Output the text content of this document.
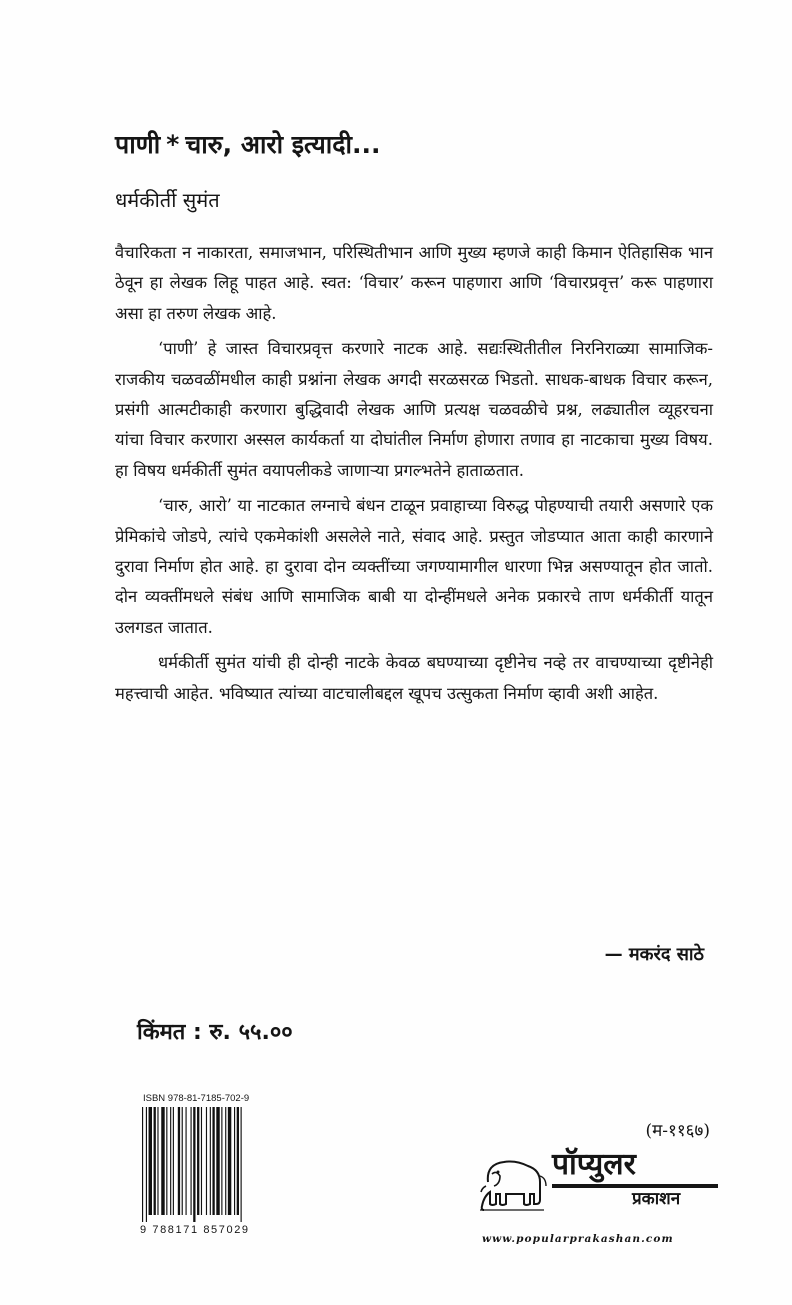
पाणी * चारु, आरो इत्यादी...
धर्मकीर्ती सुमंत

वैचारिकता न नाकारता, समाजभान, परिस्थितीभान आणि मुख्य म्हणजे काही किमान ऐतिहासिक भान ठेवून हा लेखक लिहू पाहत आहे. स्वत: ‘विचार’ करून पाहणारा आणि ‘विचारप्रवृत्त’ करू पाहणारा असा हा तरुण लेखक आहे.

‘पाणी’ हे जास्त विचारप्रवृत्त करणारे नाटक आहे. सद्यःस्थितीतील निरनिराळ्या सामाजिक-राजकीय चळवळींमधील काही प्रश्नांना लेखक अगदी सरळसरळ भिडतो. साधक-बाधक विचार करून, प्रसंगी आत्मटीकाही करणारा बुद्धिवादी लेखक आणि प्रत्यक्ष चळवळीचे प्रश्न, लढ्यातील व्यूहरचना यांचा विचार करणारा अस्सल कार्यकर्ता या दोघांतील निर्माण होणारा तणाव हा नाटकाचा मुख्य विषय. हा विषय धर्मकीर्ती सुमंत वयापलीकडे जाणाऱ्या प्रगल्भतेने हाताळतात.

‘चारु, आरो’ या नाटकात लग्नाचे बंधन टाळून प्रवाहाच्या विरुद्ध पोहण्याची तयारी असणारे एक प्रेमिकांचे जोडपे, त्यांचे एकमेकांशी असलेले नाते, संवाद आहे. प्रस्तुत जोडप्यात आता काही कारणाने दुरावा निर्माण होत आहे. हा दुरावा दोन व्यक्तींच्या जगण्यामागील धारणा भिन्न असण्यातून होत जातो. दोन व्यक्तींमधले संबंध आणि सामाजिक बाबी या दोन्हींमधले अनेक प्रकारचे ताण धर्मकीर्ती यातून उलगडत जातात.

धर्मकीर्ती सुमंत यांची ही दोन्ही नाटके केवळ बघण्याच्या दृष्टीनेच नव्हे तर वाचण्याच्या दृष्टीनेही महत्त्वाची आहेत. भविष्यात त्यांच्या वाटचालीबद्दल खूपच उत्सुकता निर्माण व्हावी अशी आहेत.

— मकरंद साठे
किंमत : रु. ५५.००
(म-११६७)
ISBN 978-81-7185-702-9
9 788171 857029
पॉप्युलर
प्रकाशन
www.popularprakashan.com
